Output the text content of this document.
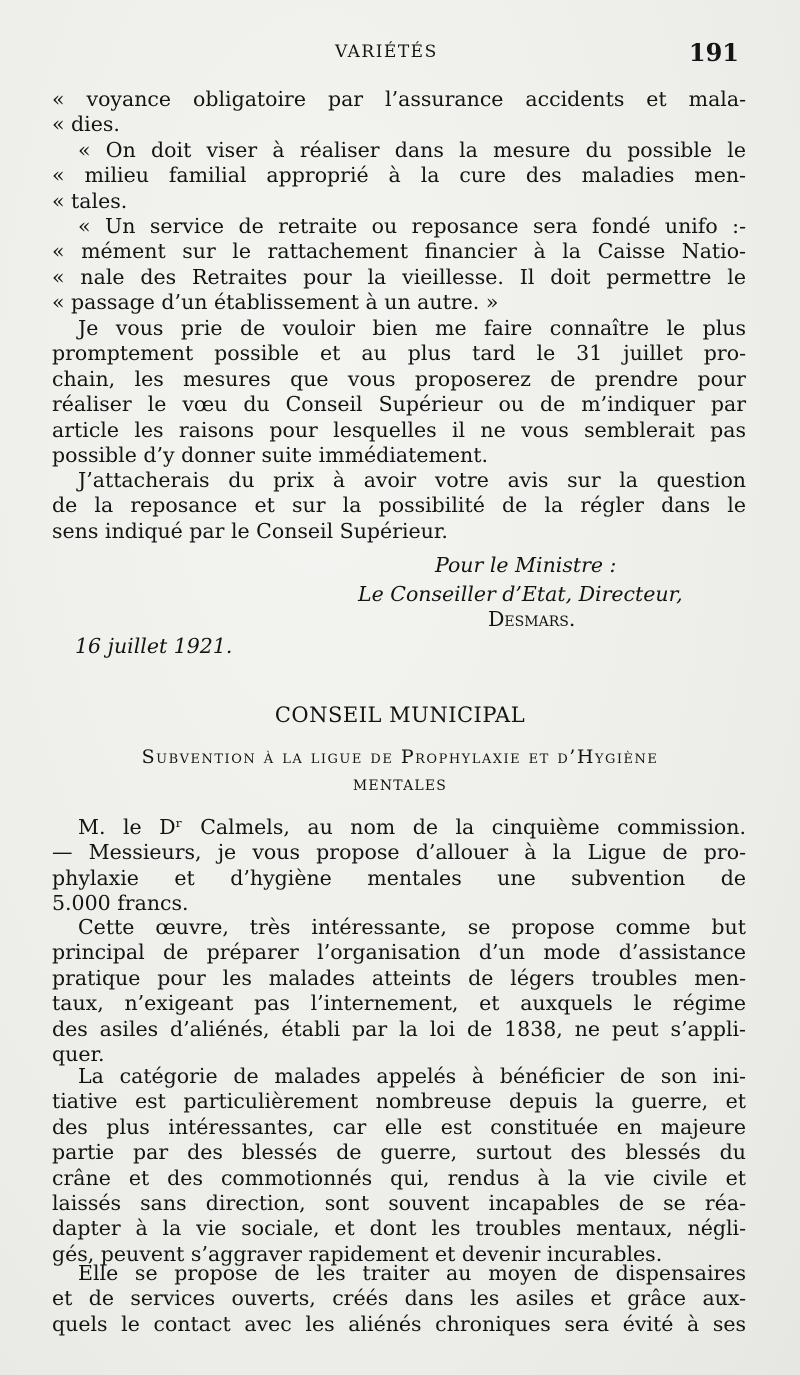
VARIÉTÉS	191
« voyance obligatoire par l’assurance accidents et mala-
« dies.
« On doit viser à réaliser dans la mesure du possible le
« milieu familial approprié à la cure des maladies men-
« tales.
« Un service de retraite ou reposance sera fondé unifo :-
« mément sur le rattachement financier à la Caisse Natio-
« nale des Retraites pour la vieillesse. Il doit permettre le
« passage d’un établissement à un autre. »
Je vous prie de vouloir bien me faire connaître le plus
promptement possible et au plus tard le 31 juillet pro-
chain, les mesures que vous proposerez de prendre pour
réaliser le vœu du Conseil Supérieur ou de m’indiquer par
article les raisons pour lesquelles il ne vous semblerait pas
possible d’y donner suite immédiatement.
J’attacherais du prix à avoir votre avis sur la question
de la reposance et sur la possibilité de la régler dans le
sens indiqué par le Conseil Supérieur.
Pour le Ministre :
Le Conseiller d’Etat, Directeur,
Desmars.
16 juillet 1921.
CONSEIL MUNICIPAL
Subvention à la ligue de Prophylaxie et d’Hygiène
MENTALES
M. le Dʳ Calmels, au nom de la cinquième commission.
— Messieurs, je vous propose d’allouer à la Ligue de pro-
phylaxie et d’hygiène mentales une subvention de
5.000 francs.
Cette œuvre, très intéressante, se propose comme but
principal de préparer l’organisation d’un mode d’assistance
pratique pour les malades atteints de légers troubles men-
taux, n’exigeant pas l’internement, et auxquels le régime
des asiles d’aliénés, établi par la loi de 1838, ne peut s’appli-
quer.
La catégorie de malades appelés à bénéficier de son ini-
tiative est particulièrement nombreuse depuis la guerre, et
des plus intéressantes, car elle est constituée en majeure
partie par des blessés de guerre, surtout des blessés du
crâne et des commotionnés qui, rendus à la vie civile et
laissés sans direction, sont souvent incapables de se réa-
dapter à la vie sociale, et dont les troubles mentaux, négli-
gés, peuvent s’aggraver rapidement et devenir incurables.
Elle se propose de les traiter au moyen de dispensaires
et de services ouverts, créés dans les asiles et grâce aux-
quels le contact avec les aliénés chroniques sera évité à ses
